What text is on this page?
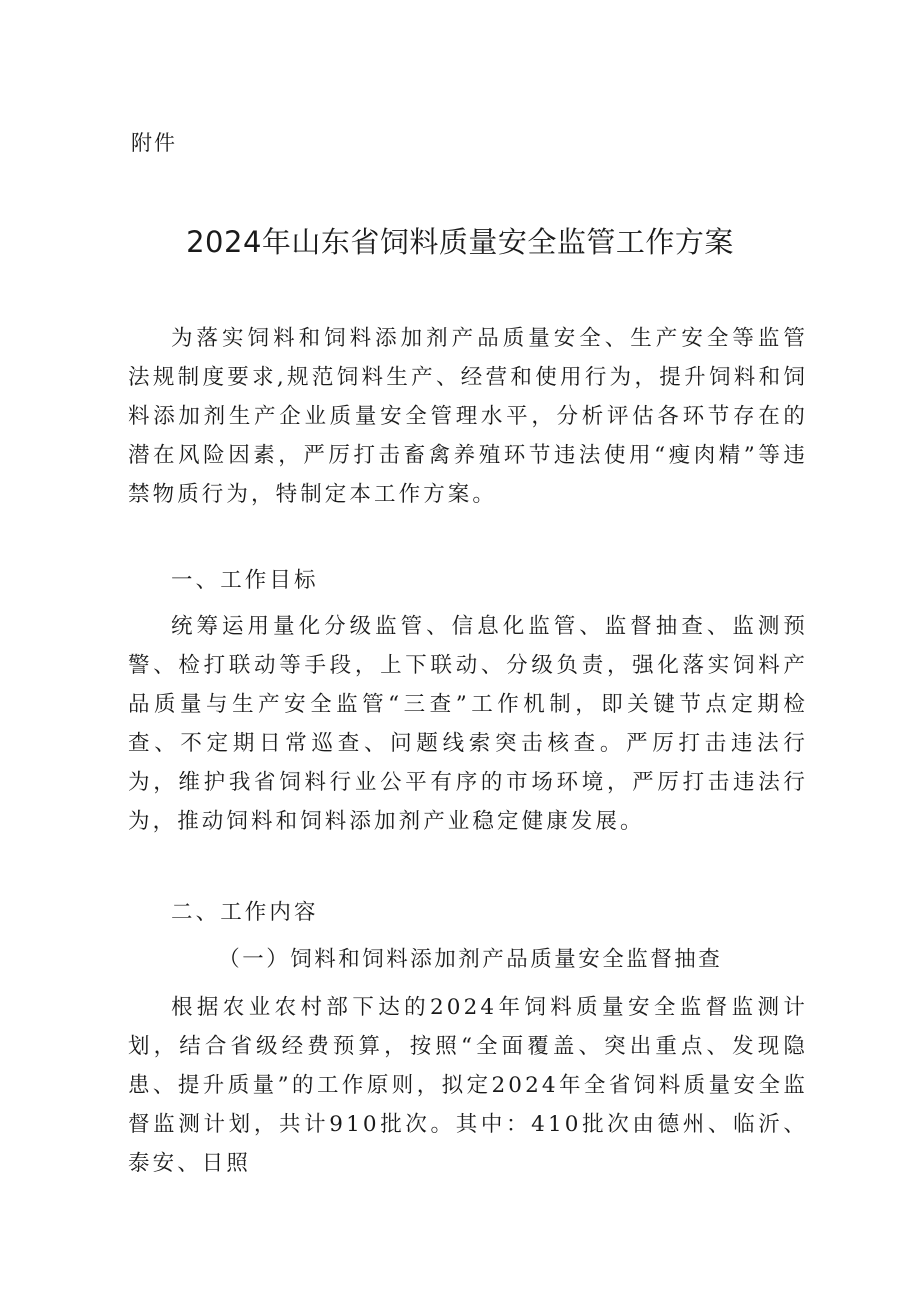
附件
2024年山东省饲料质量安全监管工作方案

为落实饲料和饲料添加剂产品质量安全、生产安全等监管法规制度要求,规范饲料生产、经营和使用行为，提升饲料和饲料添加剂生产企业质量安全管理水平，分析评估各环节存在的潜在风险因素，严厉打击畜禽养殖环节违法使用“瘦肉精”等违禁物质行为，特制定本工作方案。

一、工作目标

统筹运用量化分级监管、信息化监管、监督抽查、监测预警、检打联动等手段，上下联动、分级负责，强化落实饲料产品质量与生产安全监管“三查”工作机制，即关键节点定期检查、不定期日常巡查、问题线索突击核查。严厉打击违法行为，维护我省饲料行业公平有序的市场环境，严厉打击违法行为，推动饲料和饲料添加剂产业稳定健康发展。

二、工作内容

（一）饲料和饲料添加剂产品质量安全监督抽查

根据农业农村部下达的2024年饲料质量安全监督监测计划，结合省级经费预算，按照“全面覆盖、突出重点、发现隐患、提升质量”的工作原则，拟定2024年全省饲料质量安全监督监测计划，共计910批次。其中：410批次由德州、临沂、泰安、日照
